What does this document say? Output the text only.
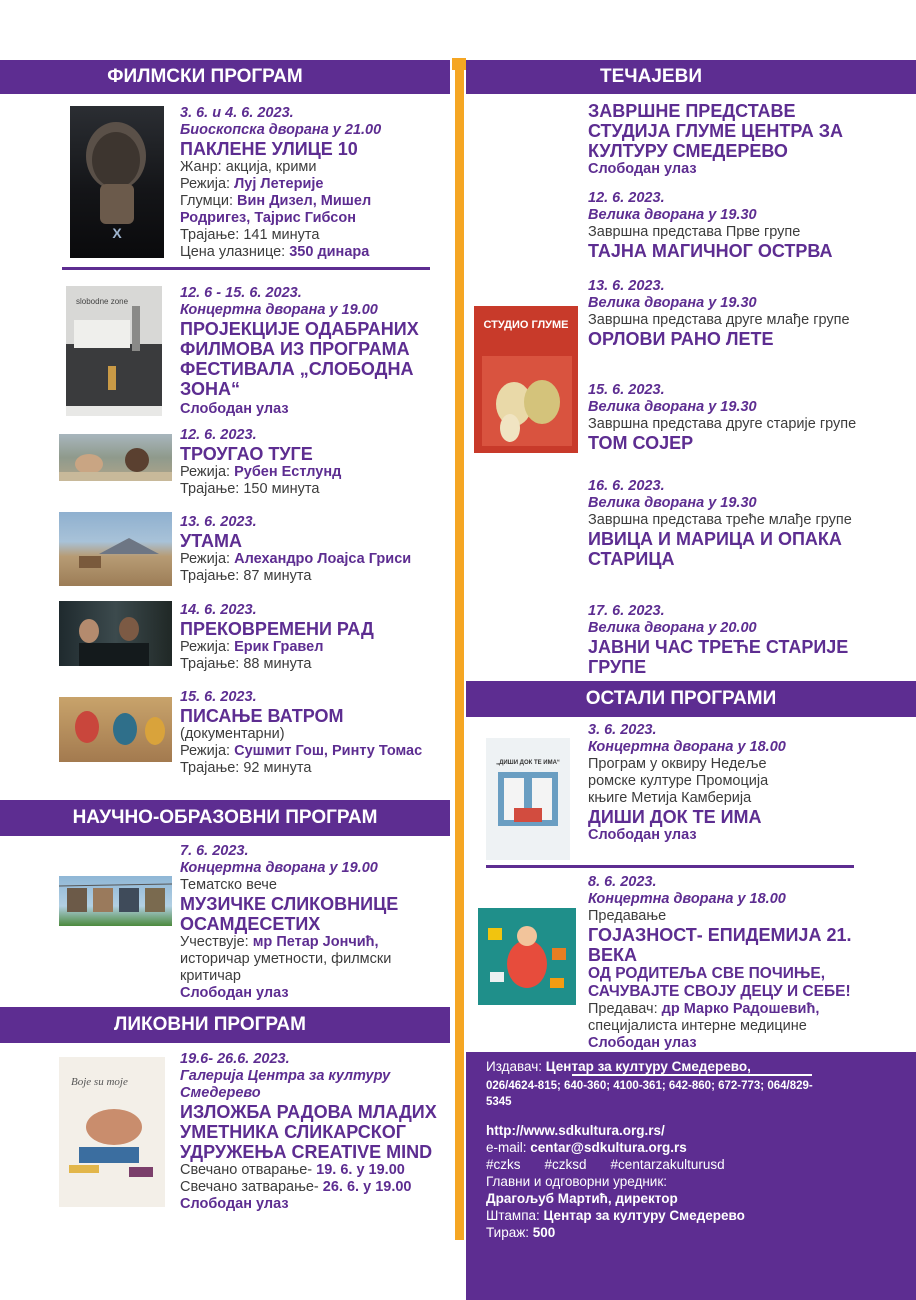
ФИЛМСКИ ПРОГРАМ	ТЕЧАЈЕВИ
НАУЧНО-ОБРАЗОВНИ ПРОГРАМ
ЛИКОВНИ ПРОГРАМ
ОСТАЛИ ПРОГРАМИ
X
3. 6. и 4. 6. 2023.
Биоскопска дворана у 21.00
ПАКЛЕНЕ УЛИЦЕ 10
Жанр: акција, крими
Режија: Луј Летерије
Глумци: Вин Дизел, Мишел Родригез, Тајрис Гибсон
Трајање: 141 минута
Цена улазнице: 350 динара
slobodne zone
12. 6 - 15. 6. 2023.
Концертна дворана у 19.00
ПРОЈЕКЦИЈЕ ОДАБРАНИХ ФИЛМОВА ИЗ ПРОГРАМА ФЕСТИВАЛА „СЛОБОДНА ЗОНА“
Слободан улаз
12. 6. 2023.
ТРОУГАО ТУГЕ
Режија: Рубен Естлунд
Трајање: 150 минута
13. 6. 2023.
УТАМА
Режија: Алехандро Лоајса Гриси
Трајање: 87 минута
14. 6. 2023.
ПРЕКОВРЕМЕНИ РАД
Режија: Ерик Гравел
Трајање: 88 минута
15. 6. 2023.
ПИСАЊЕ ВАТРОМ
(документарни)
Режија: Сушмит Гош, Ринту Томас
Трајање: 92 минута
7. 6. 2023.
Концертна дворана у 19.00
Тематско вече
МУЗИЧКЕ СЛИКОВНИЦЕ ОСАМДЕСЕТИХ
Учествује: мр Петар Јончић,
историчар уметности, филмски критичар
Слободан улаз
Boje su moje
19.6- 26.6. 2023.
Галерија Центра за културу Смедерево
ИЗЛОЖБА РАДОВА МЛАДИХ УМЕТНИКА СЛИКАРСКОГ УДРУЖЕЊА CREATIVE MIND
Свечано отварање- 19. 6. у 19.00
Свечано затварање- 26. 6. у 19.00
Слободан улаз
ЗАВРШНЕ ПРЕДСТАВЕ СТУДИЈА ГЛУМЕ ЦЕНТРА ЗА КУЛТУРУ СМЕДЕРЕВО
Слободан улаз
СТУДИО ГЛУМЕ
12. 6. 2023.
Велика дворана у 19.30
Завршна представа Прве групе
ТАЈНА МАГИЧНОГ ОСТРВА
13. 6. 2023.
Велика дворана у 19.30
Завршна представа друге млађе групе
ОРЛОВИ РАНО ЛЕТЕ
15. 6. 2023.
Велика дворана у 19.30
Завршна представа друге старије групе
ТОМ СОЈЕР
16. 6. 2023.
Велика дворана у 19.30
Завршна представа треће млађе групе
ИВИЦА И МАРИЦА И ОПАКА СТАРИЦА
17. 6. 2023.
Велика дворана у 20.00
ЈАВНИ ЧАС ТРЕЋЕ СТАРИЈЕ ГРУПЕ
„ДИШИ ДОК ТЕ ИМА“
3. 6. 2023.
Концертна дворана у 18.00
Програм у оквиру Недеље ромске културе Промоција књиге Метија Камберија
ДИШИ ДОК ТЕ ИМА
Слободан улаз
8. 6. 2023.
Концертна дворана у 18.00
Предавање
ГОЈАЗНОСТ- ЕПИДЕМИЈА 21. ВЕКА
ОД РОДИТЕЉА СВЕ ПОЧИЊЕ, САЧУВАЈТЕ СВОЈУ ДЕЦУ И СЕБЕ!
Предавач: др Марко Радошевић,
специјалиста интерне медицине
Слободан улаз
Издавач: Центар за културу Смедерево,
026/4624-815; 640-360; 4100-361; 642-860; 672-773; 064/829-5345
http://www.sdkultura.org.rs/
e-mail: centar@sdkultura.org.rs
#czks #czksd #centarzakulturusd
Главни и одговорни уредник:
Драгољуб Мартић, директор
Штампа: Центар за културу Смедерево
Тираж: 500
